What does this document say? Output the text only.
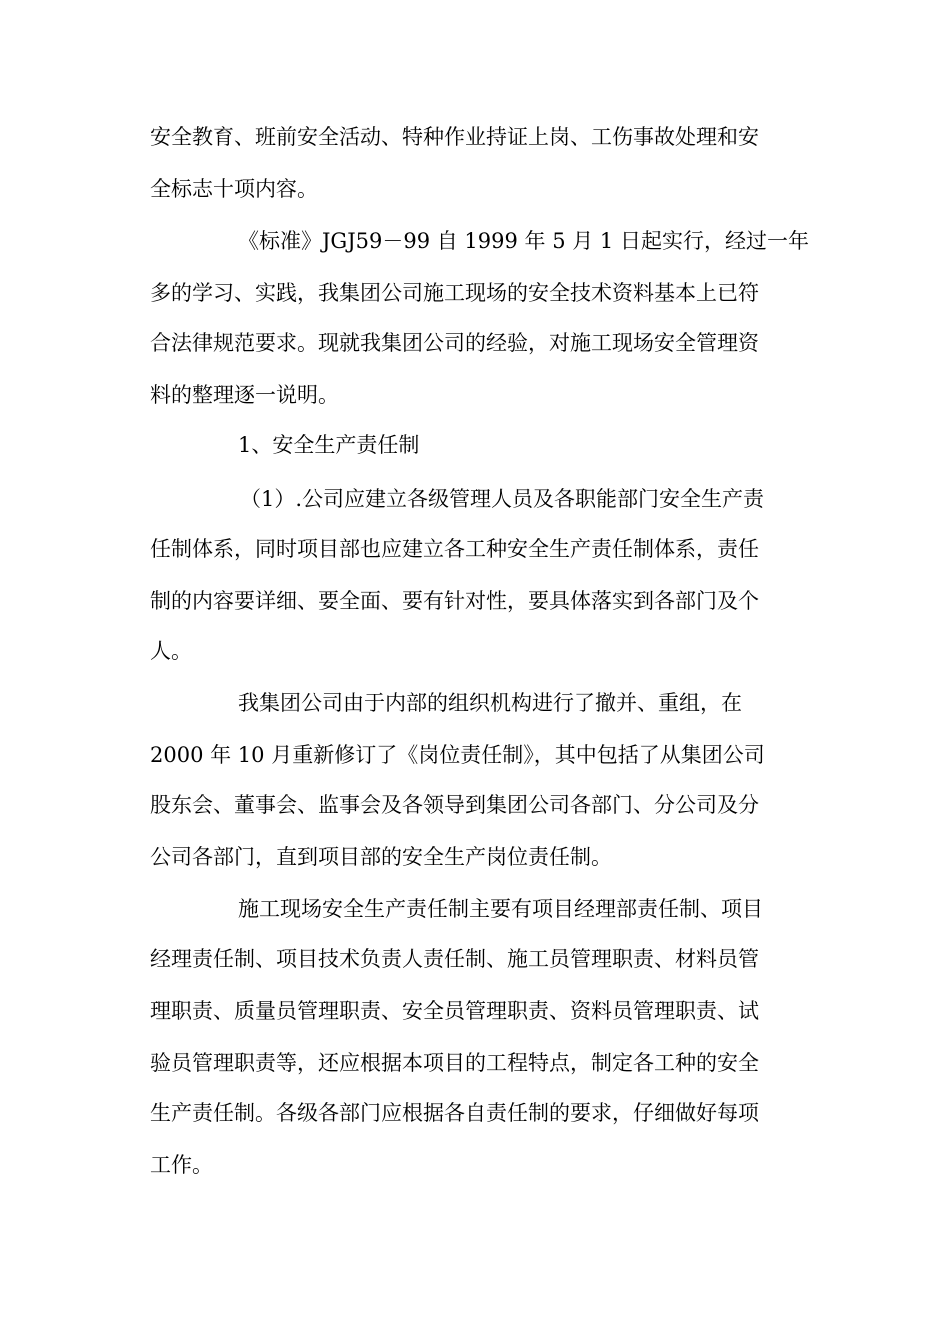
安全教育、班前安全活动、特种作业持证上岗、工伤事故处理和安
全标志十项内容。
《标准》JGJ59－99 自 1999 年 5 月 1 日起实行，经过一年
多的学习、实践，我集团公司施工现场的安全技术资料基本上已符
合法律规范要求。现就我集团公司的经验，对施工现场安全管理资
料的整理逐一说明。
1、安全生产责任制
（1）.公司应建立各级管理人员及各职能部门安全生产责
任制体系，同时项目部也应建立各工种安全生产责任制体系，责任
制的内容要详细、要全面、要有针对性，要具体落实到各部门及个
人。
我集团公司由于内部的组织机构进行了撤并、重组，在
2000 年 10 月重新修订了《岗位责任制》，其中包括了从集团公司
股东会、董事会、监事会及各领导到集团公司各部门、分公司及分
公司各部门，直到项目部的安全生产岗位责任制。
施工现场安全生产责任制主要有项目经理部责任制、项目
经理责任制、项目技术负责人责任制、施工员管理职责、材料员管
理职责、质量员管理职责、安全员管理职责、资料员管理职责、试
验员管理职责等，还应根据本项目的工程特点，制定各工种的安全
生产责任制。各级各部门应根据各自责任制的要求，仔细做好每项
工作。
